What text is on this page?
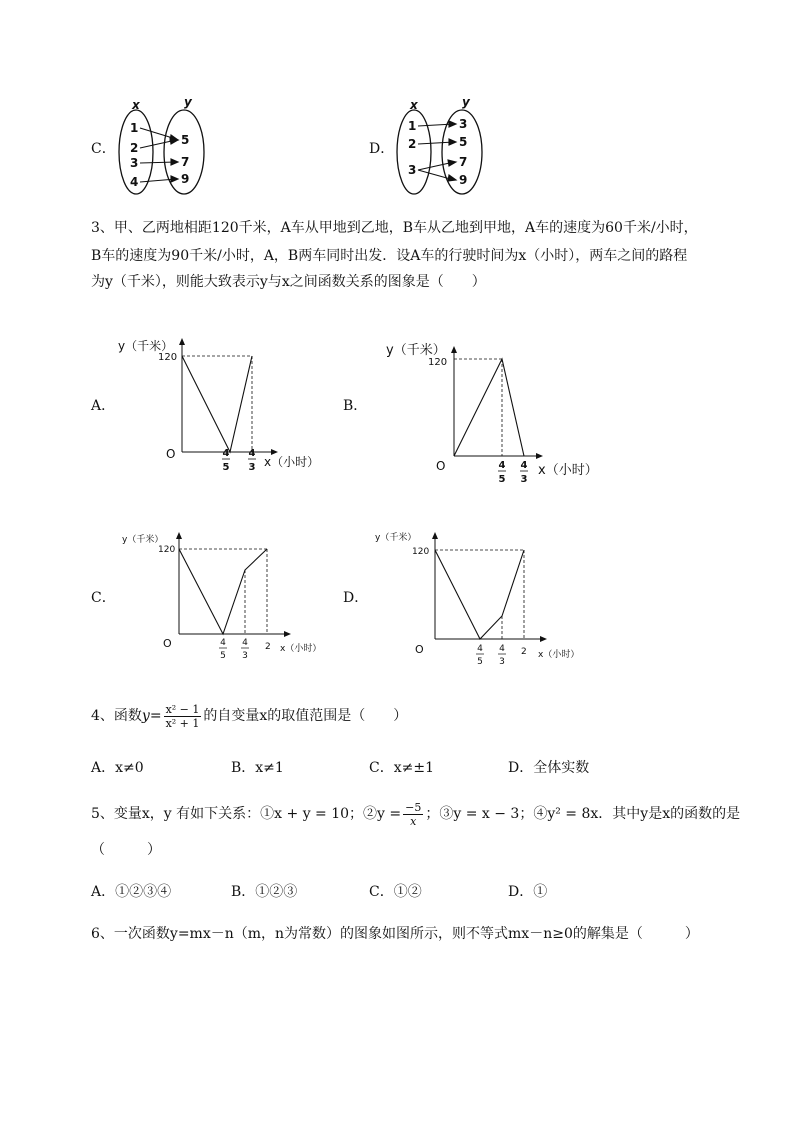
C．
x	y
1
2
3
4
5
7
9
D．
x	y
1
2
3
3
5
7
9
3、甲、乙两地相距120千米，A车从甲地到乙地，B车从乙地到甲地，A车的速度为60千米/小时，
B车的速度为90千米/小时，A，B两车同时出发．设A车的行驶时间为x（小时），两车之间的路程
为y（千米），则能大致表示y与x之间函数关系的图象是（　　）
A．
y（千米）
120
O
x（小时）
4
5
4
3
B．
y（千米）
120
O	x（小时）
4
5
4
3
C．
y（千米）
120
O	x（小时）
4
5
4
3
2
D．
y（千米）
120
O	x（小时）
4
5
4
3
2
4、函数$y= \frac{\text{x² − 1}}{\text{x² + 1}}$ 的自变量x的取值范围是（　　）
A．x≠0	B．x≠1	C．x≠±1	D．全体实数
5、变量x，y 有如下关系：①x + y = 10；②y = $\frac{-5}{x}$ ；③y = x − 3；④y² = 8x．其中y是x的函数的是
（　　　）
A．①②③④	B．①②③	C．①②	D．①
6、一次函数y=mx－n（m，n为常数）的图象如图所示，则不等式mx－n≥0的解集是（　　　）
